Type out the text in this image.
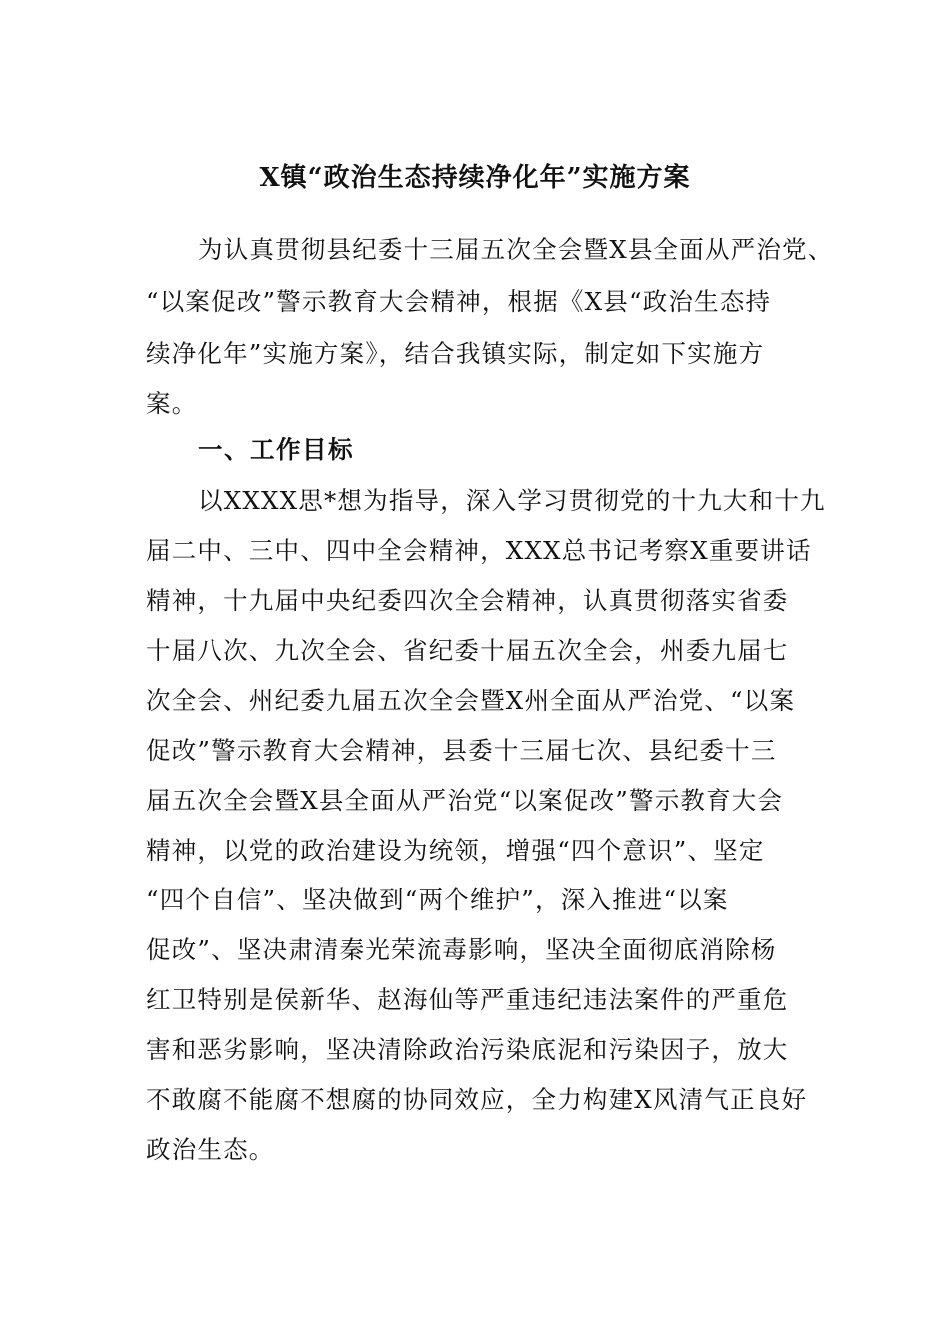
X镇“政治生态持续净化年”实施方案
为认真贯彻县纪委十三届五次全会暨X县全面从严治党、
“以案促改”警示教育大会精神，根据《X县“政治生态持
续净化年”实施方案》，结合我镇实际，制定如下实施方
案。
一、工作目标
以XXXX思*想为指导，深入学习贯彻党的十九大和十九
届二中、三中、四中全会精神，XXX总书记考察X重要讲话
精神，十九届中央纪委四次全会精神，认真贯彻落实省委
十届八次、九次全会、省纪委十届五次全会，州委九届七
次全会、州纪委九届五次全会暨X州全面从严治党、“以案
促改”警示教育大会精神，县委十三届七次、县纪委十三
届五次全会暨X县全面从严治党“以案促改”警示教育大会
精神，以党的政治建设为统领，增强“四个意识”、坚定
“四个自信”、坚决做到“两个维护”，深入推进“以案
促改”、坚决肃清秦光荣流毒影响，坚决全面彻底消除杨
红卫特别是侯新华、赵海仙等严重违纪违法案件的严重危
害和恶劣影响，坚决清除政治污染底泥和污染因子，放大
不敢腐不能腐不想腐的协同效应，全力构建X风清气正良好
政治生态。
